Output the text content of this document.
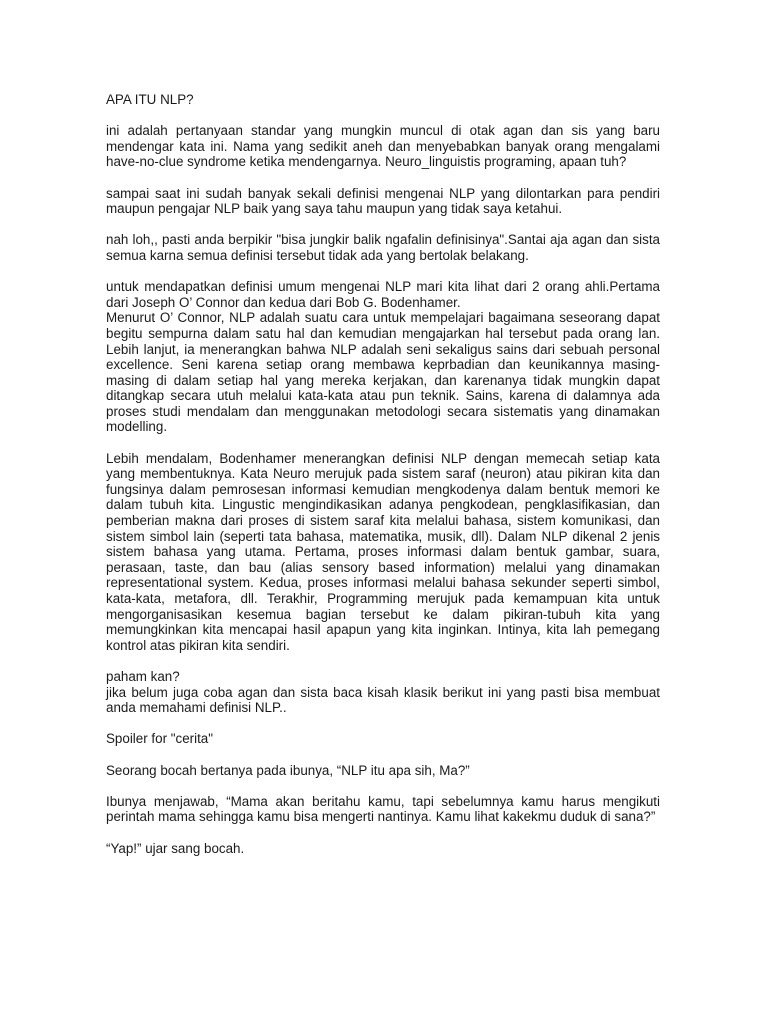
APA ITU NLP?

ini adalah pertanyaan standar yang mungkin muncul di otak agan dan sis yang baru mendengar kata ini. Nama yang sedikit aneh dan menyebabkan banyak orang mengalami have-no-clue syndrome ketika mendengarnya. Neuro_linguistis programing, apaan tuh?

sampai saat ini sudah banyak sekali definisi mengenai NLP yang dilontarkan para pendiri maupun pengajar NLP baik yang saya tahu maupun yang tidak saya ketahui.

nah loh,, pasti anda berpikir "bisa jungkir balik ngafalin definisinya".Santai aja agan dan sista semua karna semua definisi tersebut tidak ada yang bertolak belakang.

untuk mendapatkan definisi umum mengenai NLP mari kita lihat dari 2 orang ahli.Pertama dari Joseph O’ Connor dan kedua dari Bob G. Bodenhamer.

Menurut O’ Connor, NLP adalah suatu cara untuk mempelajari bagaimana seseorang dapat begitu sempurna dalam satu hal dan kemudian mengajarkan hal tersebut pada orang lan. Lebih lanjut, ia menerangkan bahwa NLP adalah seni sekaligus sains dari sebuah personal excellence. Seni karena setiap orang membawa keprbadian dan keunikannya masing-masing di dalam setiap hal yang mereka kerjakan, dan karenanya tidak mungkin dapat ditangkap secara utuh melalui kata-kata atau pun teknik. Sains, karena di dalamnya ada proses studi mendalam dan menggunakan metodologi secara sistematis yang dinamakan modelling.

Lebih mendalam, Bodenhamer menerangkan definisi NLP dengan memecah setiap kata yang membentuknya. Kata Neuro merujuk pada sistem saraf (neuron) atau pikiran kita dan fungsinya dalam pemrosesan informasi kemudian mengkodenya dalam bentuk memori ke dalam tubuh kita. Lingustic mengindikasikan adanya pengkodean, pengklasifikasian, dan pemberian makna dari proses di sistem saraf kita melalui bahasa, sistem komunikasi, dan sistem simbol lain (seperti tata bahasa, matematika, musik, dll). Dalam NLP dikenal 2 jenis sistem bahasa yang utama. Pertama, proses informasi dalam bentuk gambar, suara, perasaan, taste, dan bau (alias sensory based information) melalui yang dinamakan representational system. Kedua, proses informasi melalui bahasa sekunder seperti simbol, kata-kata, metafora, dll. Terakhir, Programming merujuk pada kemampuan kita untuk mengorganisasikan kesemua bagian tersebut ke dalam pikiran-tubuh kita yang memungkinkan kita mencapai hasil apapun yang kita inginkan. Intinya, kita lah pemegang kontrol atas pikiran kita sendiri.

paham kan?

jika belum juga coba agan dan sista baca kisah klasik berikut ini yang pasti bisa membuat anda memahami definisi NLP..

Spoiler for "cerita"

Seorang bocah bertanya pada ibunya, “NLP itu apa sih, Ma?”

Ibunya menjawab, “Mama akan beritahu kamu, tapi sebelumnya kamu harus mengikuti perintah mama sehingga kamu bisa mengerti nantinya. Kamu lihat kakekmu duduk di sana?”

“Yap!” ujar sang bocah.
